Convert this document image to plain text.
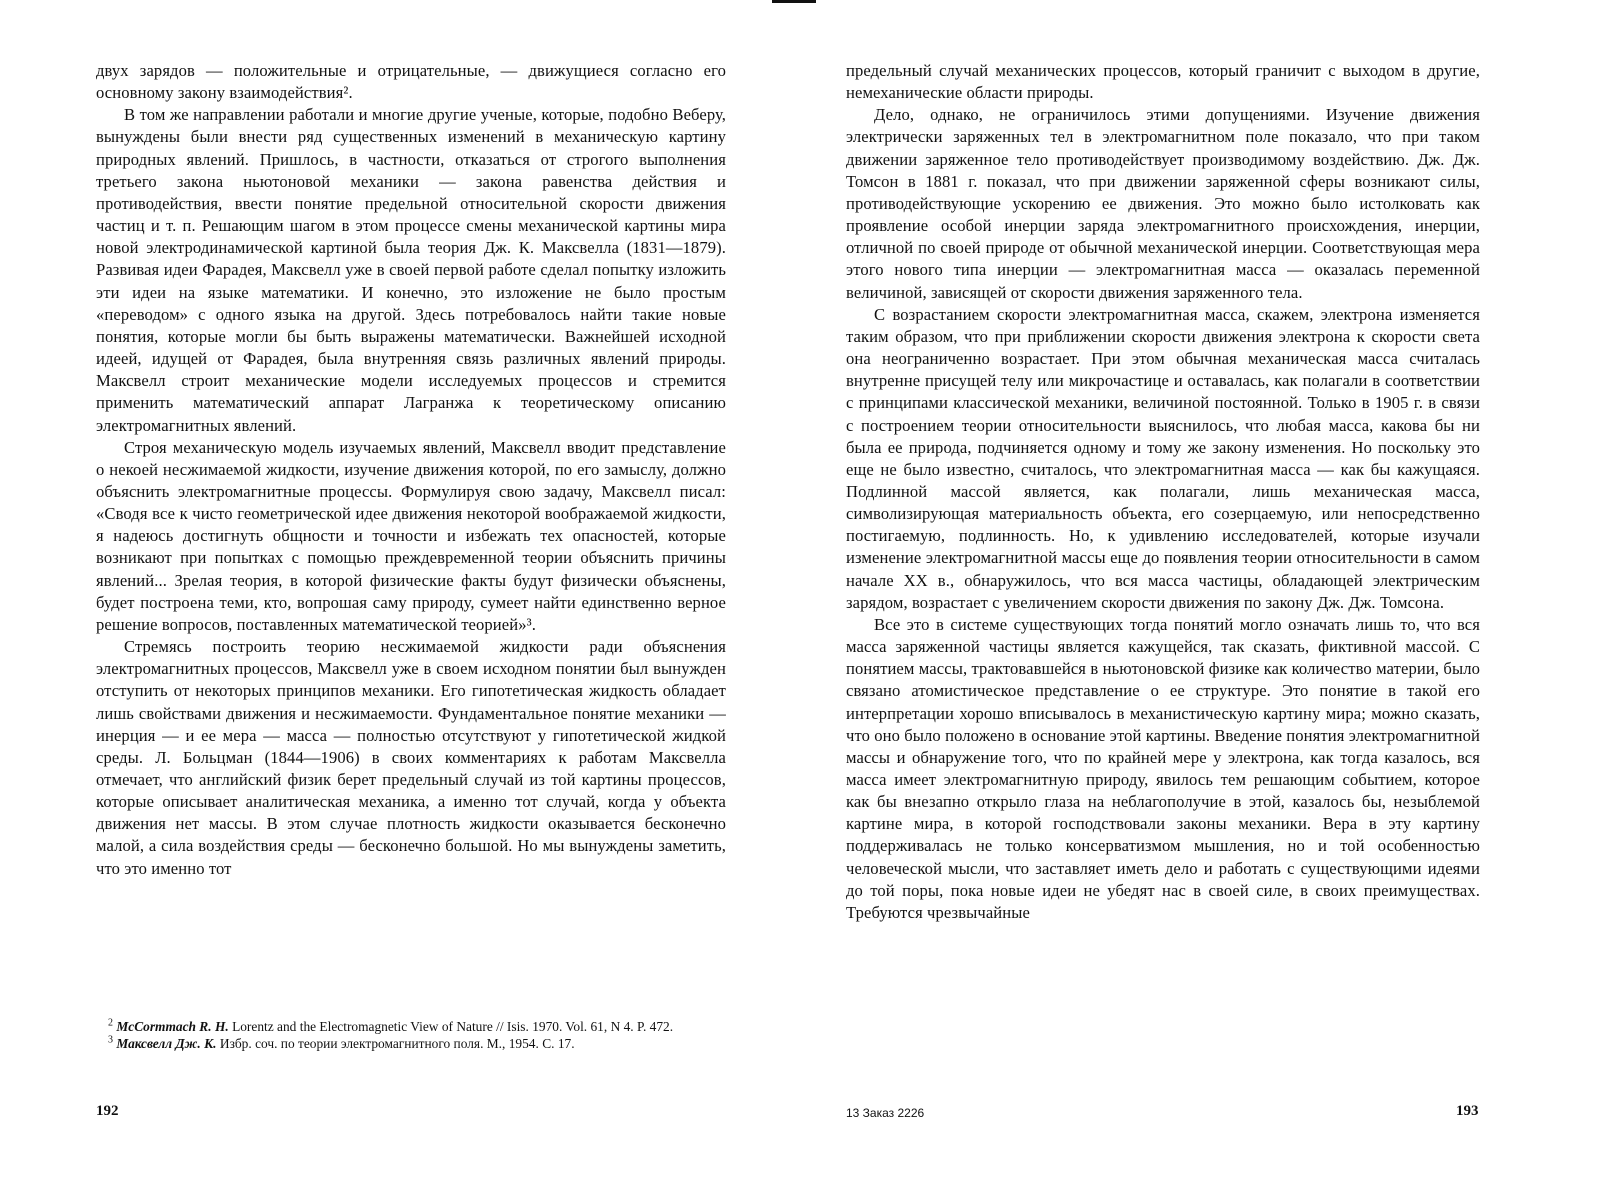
двух зарядов — положительные и отрицательные, — движущиеся согласно его основному закону взаимодействия².

В том же направлении работали и многие другие ученые, которые, подобно Веберу, вынуждены были внести ряд существенных изменений в механическую картину природных явлений. Пришлось, в частности, отказаться от строгого выполнения третьего закона ньютоновой механики — закона равенства действия и противодействия, ввести понятие предельной относительной скорости движения частиц и т. п. Решающим шагом в этом процессе смены механической картины мира новой электродинамической картиной была теория Дж. К. Максвелла (1831—1879). Развивая идеи Фарадея, Максвелл уже в своей первой работе сделал попытку изложить эти идеи на языке математики. И конечно, это изложение не было простым «переводом» с одного языка на другой. Здесь потребовалось найти такие новые понятия, которые могли бы быть выражены математически. Важнейшей исходной идеей, идущей от Фарадея, была внутренняя связь различных явлений природы. Максвелл строит механические модели исследуемых процессов и стремится применить математический аппарат Лагранжа к теоретическому описанию электромагнитных явлений.

Строя механическую модель изучаемых явлений, Максвелл вводит представление о некоей несжимаемой жидкости, изучение движения которой, по его замыслу, должно объяснить электромагнитные процессы. Формулируя свою задачу, Максвелл писал: «Сводя все к чисто геометрической идее движения некоторой воображаемой жидкости, я надеюсь достигнуть общности и точности и избежать тех опасностей, которые возникают при попытках с помощью преждевременной теории объяснить причины явлений... Зрелая теория, в которой физические факты будут физически объяснены, будет построена теми, кто, вопрошая саму природу, сумеет найти единственно верное решение вопросов, поставленных математической теорией»³.

Стремясь построить теорию несжимаемой жидкости ради объяснения электромагнитных процессов, Максвелл уже в своем исходном понятии был вынужден отступить от некоторых принципов механики. Его гипотетическая жидкость обладает лишь свойствами движения и несжимаемости. Фундаментальное понятие механики — инерция — и ее мера — масса — полностью отсутствуют у гипотетической жидкой среды. Л. Больцман (1844—1906) в своих комментариях к работам Максвелла отмечает, что английский физик берет предельный случай из той картины процессов, которые описывает аналитическая механика, а именно тот случай, когда у объекта движения нет массы. В этом случае плотность жидкости оказывается бесконечно малой, а сила воздействия среды — бесконечно большой. Но мы вынуждены заметить, что это именно тот

$^2$ McCormmach R. H. Lorentz and the Electromagnetic View of Nature // Isis. 1970. Vol. 61, N 4. P. 472.

$^3$ Максвелл Дж. К. Избр. соч. по теории электромагнитного поля. М., 1954. С. 17.

192

предельный случай механических процессов, который граничит с выходом в другие, немеханические области природы.

Дело, однако, не ограничилось этими допущениями. Изучение движения электрически заряженных тел в электромагнитном поле показало, что при таком движении заряженное тело противодействует производимому воздействию. Дж. Дж. Томсон в 1881 г. показал, что при движении заряженной сферы возникают силы, противодействующие ускорению ее движения. Это можно было истолковать как проявление особой инерции заряда электромагнитного происхождения, инерции, отличной по своей природе от обычной механической инерции. Соответствующая мера этого нового типа инерции — электромагнитная масса — оказалась переменной величиной, зависящей от скорости движения заряженного тела.

С возрастанием скорости электромагнитная масса, скажем, электрона изменяется таким образом, что при приближении скорости движения электрона к скорости света она неограниченно возрастает. При этом обычная механическая масса считалась внутренне присущей телу или микрочастице и оставалась, как полагали в соответствии с принципами классической механики, величиной постоянной. Только в 1905 г. в связи с построением теории относительности выяснилось, что любая масса, какова бы ни была ее природа, подчиняется одному и тому же закону изменения. Но поскольку это еще не было известно, считалось, что электромагнитная масса — как бы кажущаяся. Подлинной массой является, как полагали, лишь механическая масса, символизирующая материальность объекта, его созерцаемую, или непосредственно постигаемую, подлинность. Но, к удивлению исследователей, которые изучали изменение электромагнитной массы еще до появления теории относительности в самом начале XX в., обнаружилось, что вся масса частицы, обладающей электрическим зарядом, возрастает с увеличением скорости движения по закону Дж. Дж. Томсона.

Все это в системе существующих тогда понятий могло означать лишь то, что вся масса заряженной частицы является кажущейся, так сказать, фиктивной массой. С понятием массы, трактовавшейся в ньютоновской физике как количество материи, было связано атомистическое представление о ее структуре. Это понятие в такой его интерпретации хорошо вписывалось в механистическую картину мира; можно сказать, что оно было положено в основание этой картины. Введение понятия электромагнитной массы и обнаружение того, что по крайней мере у электрона, как тогда казалось, вся масса имеет электромагнитную природу, явилось тем решающим событием, которое как бы внезапно открыло глаза на неблагополучие в этой, казалось бы, незыблемой картине мира, в которой господствовали законы механики. Вера в эту картину поддерживалась не только консерватизмом мышления, но и той особенностью человеческой мысли, что заставляет иметь дело и работать с существующими идеями до той поры, пока новые идеи не убедят нас в своей силе, в своих преимуществах. Требуются чрезвычайные

13 Заказ 2226	193
